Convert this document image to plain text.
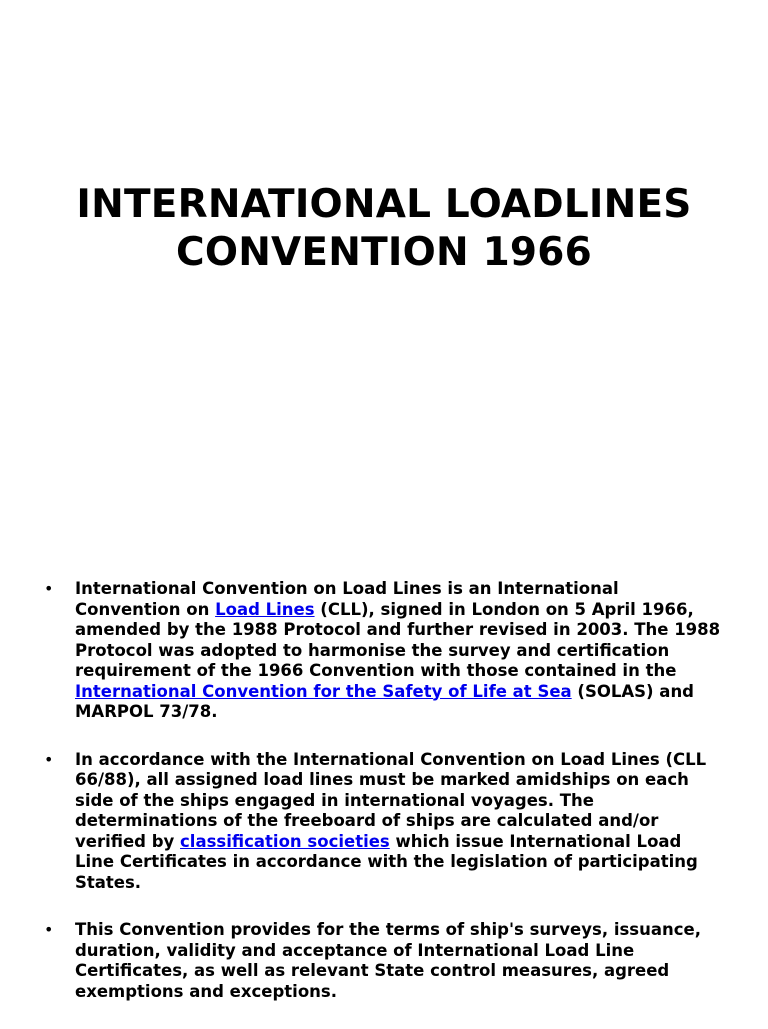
INTERNATIONAL LOADLINES
CONVENTION 1966
• International Convention on Load Lines is an International Convention on Load Lines (CLL), signed in London on 5 April 1966, amended by the 1988 Protocol and further revised in 2003. The 1988 Protocol was adopted to harmonise the survey and certification requirement of the 1966 Convention with those contained in the
International Convention for the Safety of Life at Sea (SOLAS) and MARPOL 73/78.
• In accordance with the International Convention on Load Lines (CLL 66/88), all assigned load lines must be marked amidships on each side of the ships engaged in international voyages. The determinations of the freeboard of ships are calculated and/or verified by classification societies which issue International Load Line Certificates in accordance with the legislation of participating States.
• This Convention provides for the terms of ship's surveys, issuance, duration, validity and acceptance of International Load Line Certificates, as well as relevant State control measures, agreed exemptions and exceptions.
